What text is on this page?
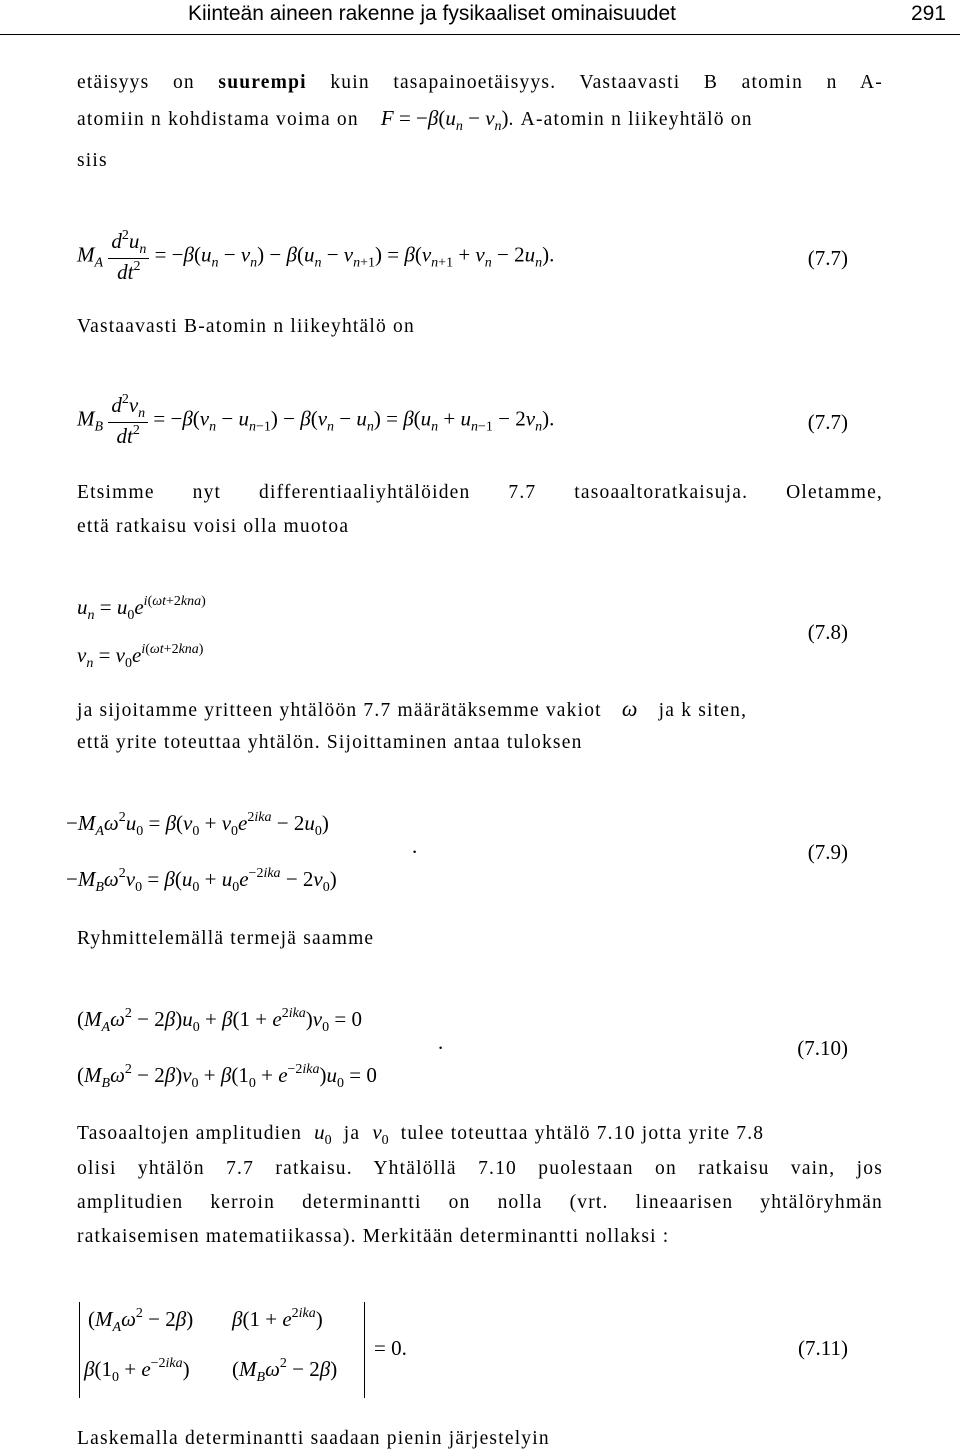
Kiinteän aineen rakenne ja fysikaaliset ominaisuudet	291
etäisyys on suurempi kuin tasapainoetäisyys. Vastaavasti B atomin n A-
atomiin n kohdistama voima on $F = -\beta(u_n - v_n)$. A-atomin n liikeyhtälö on
siis
$M_A \frac{d^2u_n}{dt^2} = -\beta(u_n - v_n) - \beta(u_n - v_{n+1}) = \beta(v_{n+1} + v_n - 2u_n)$.	(7.7)
Vastaavasti B-atomin n liikeyhtälö on
$M_B \frac{d^2v_n}{dt^2} = -\beta(v_n - u_{n-1}) - \beta(v_n - u_n) = \beta(u_n + u_{n-1} - 2v_n)$.	(7.7)
Etsimme nyt differentiaaliyhtälöiden 7.7 tasoaaltoratkaisuja. Oletamme,
että ratkaisu voisi olla muotoa
$u_n = u_0e^{i(\omega t+2kna)}$
$v_n = v_0e^{i(\omega t+2kna)}$
(7.8)
ja sijoitamme yritteen yhtälöön 7.7 määrätäksemme vakiot ω ja k siten,
että yrite toteuttaa yhtälön. Sijoittaminen antaa tuloksen
$-M_A\omega^2u_0 = \beta(v_0 + v_0e^{2ika} - 2u_0)$
$-M_B\omega^2v_0 = \beta(u_0 + u_0e^{-2ika} - 2v_0)$
.	(7.9)
Ryhmittelemällä termejä saamme
$(M_A\omega^2 - 2\beta)u_0 + \beta(1 + e^{2ika})v_0 = 0$
$(M_B\omega^2 - 2\beta)v_0 + \beta(1_0 + e^{-2ika})u_0 = 0$
.	(7.10)
Tasoaaltojen amplitudien $u_0$ ja $v_0$ tulee toteuttaa yhtälö 7.10 jotta yrite 7.8
olisi yhtälön 7.7 ratkaisu. Yhtälöllä 7.10 puolestaan on ratkaisu vain, jos
amplitudien kerroin determinantti on nolla (vrt. lineaarisen yhtälöryhmän
ratkaisemisen matematiikassa). Merkitään determinantti nollaksi :
$(M_A\omega^2 - 2\beta) \beta(1 + e^{2ika})$
$\beta(1_0 + e^{-2ika}) (M_B\omega^2 - 2\beta)$
= 0.	(7.11)
Laskemalla determinantti saadaan pienin järjestelyin
